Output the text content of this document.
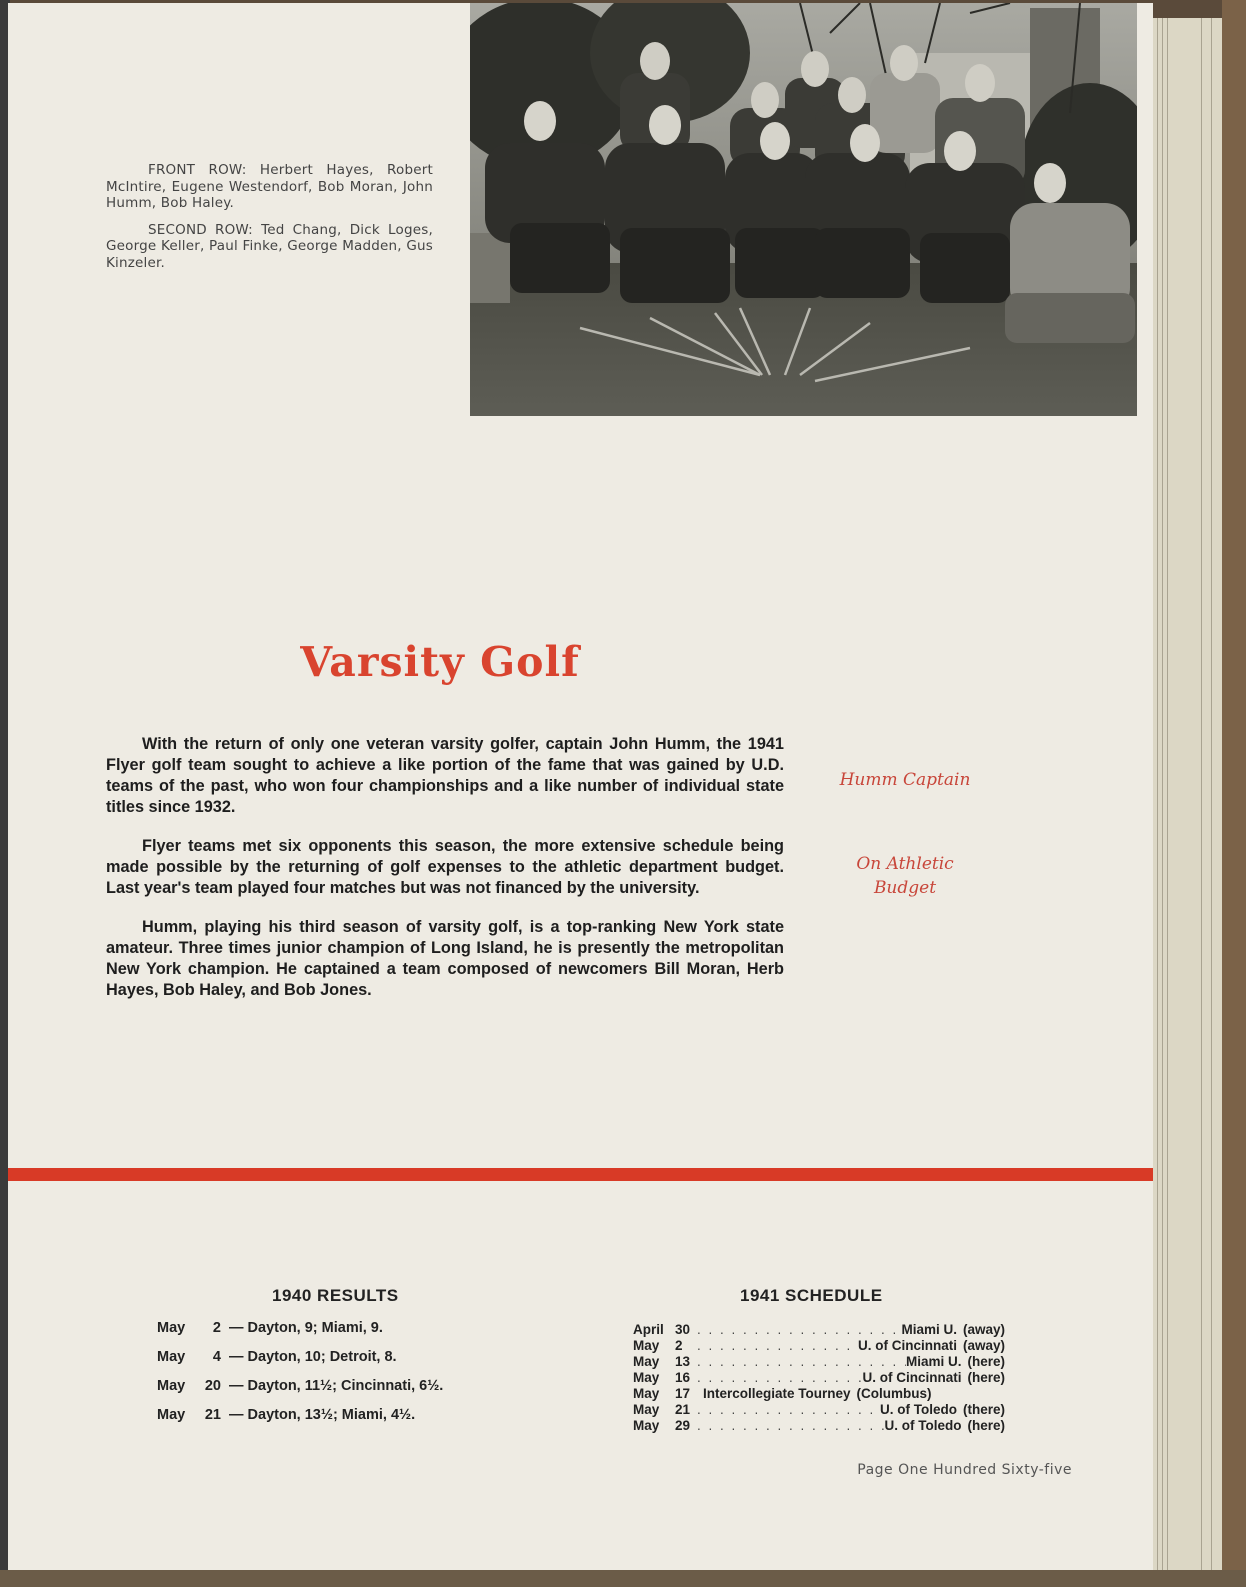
FRONT ROW: Herbert Hayes, Robert McIntire, Eugene Westendorf, Bob Moran, John Humm, Bob Haley.

SECOND ROW: Ted Chang, Dick Loges, George Keller, Paul Finke, George Madden, Gus Kinzeler.

Varsity Golf

With the return of only one veteran varsity golfer, captain John Humm, the 1941 Flyer golf team sought to achieve a like portion of the fame that was gained by U.D. teams of the past, who won four championships and a like number of individual state titles since 1932.

Flyer teams met six opponents this season, the more extensive schedule being made possible by the returning of golf expenses to the athletic department budget. Last year's team played four matches but was not financed by the university.

Humm, playing his third season of varsity golf, is a top-ranking New York state amateur. Three times junior champion of Long Island, he is presently the metropolitan New York champion. He captained a team composed of newcomers Bill Moran, Herb Hayes, Bob Haley, and Bob Jones.

Humm Captain
On Athletic
Budget
1940 RESULTS
May 2 — Dayton, 9; Miami, 9.
May 4 — Dayton, 10; Detroit, 8.
May 20 — Dayton, 11½; Cincinnati, 6½.
May 21 — Dayton, 13½; Miami, 4½.
1941 SCHEDULE
April 30 . . .	Miami U. (away)
May	2 . . .	U. of Cincinnati (away)
May	13 . . .	Miami U. (here)
May	16 . . .	U. of Cincinnati (here)
May	17 Intercollegiate Tourney (Columbus)
May	21 . . .	U. of Toledo (there)
May	29 . . .	U. of Toledo (here)
Page One Hundred Sixty-five
